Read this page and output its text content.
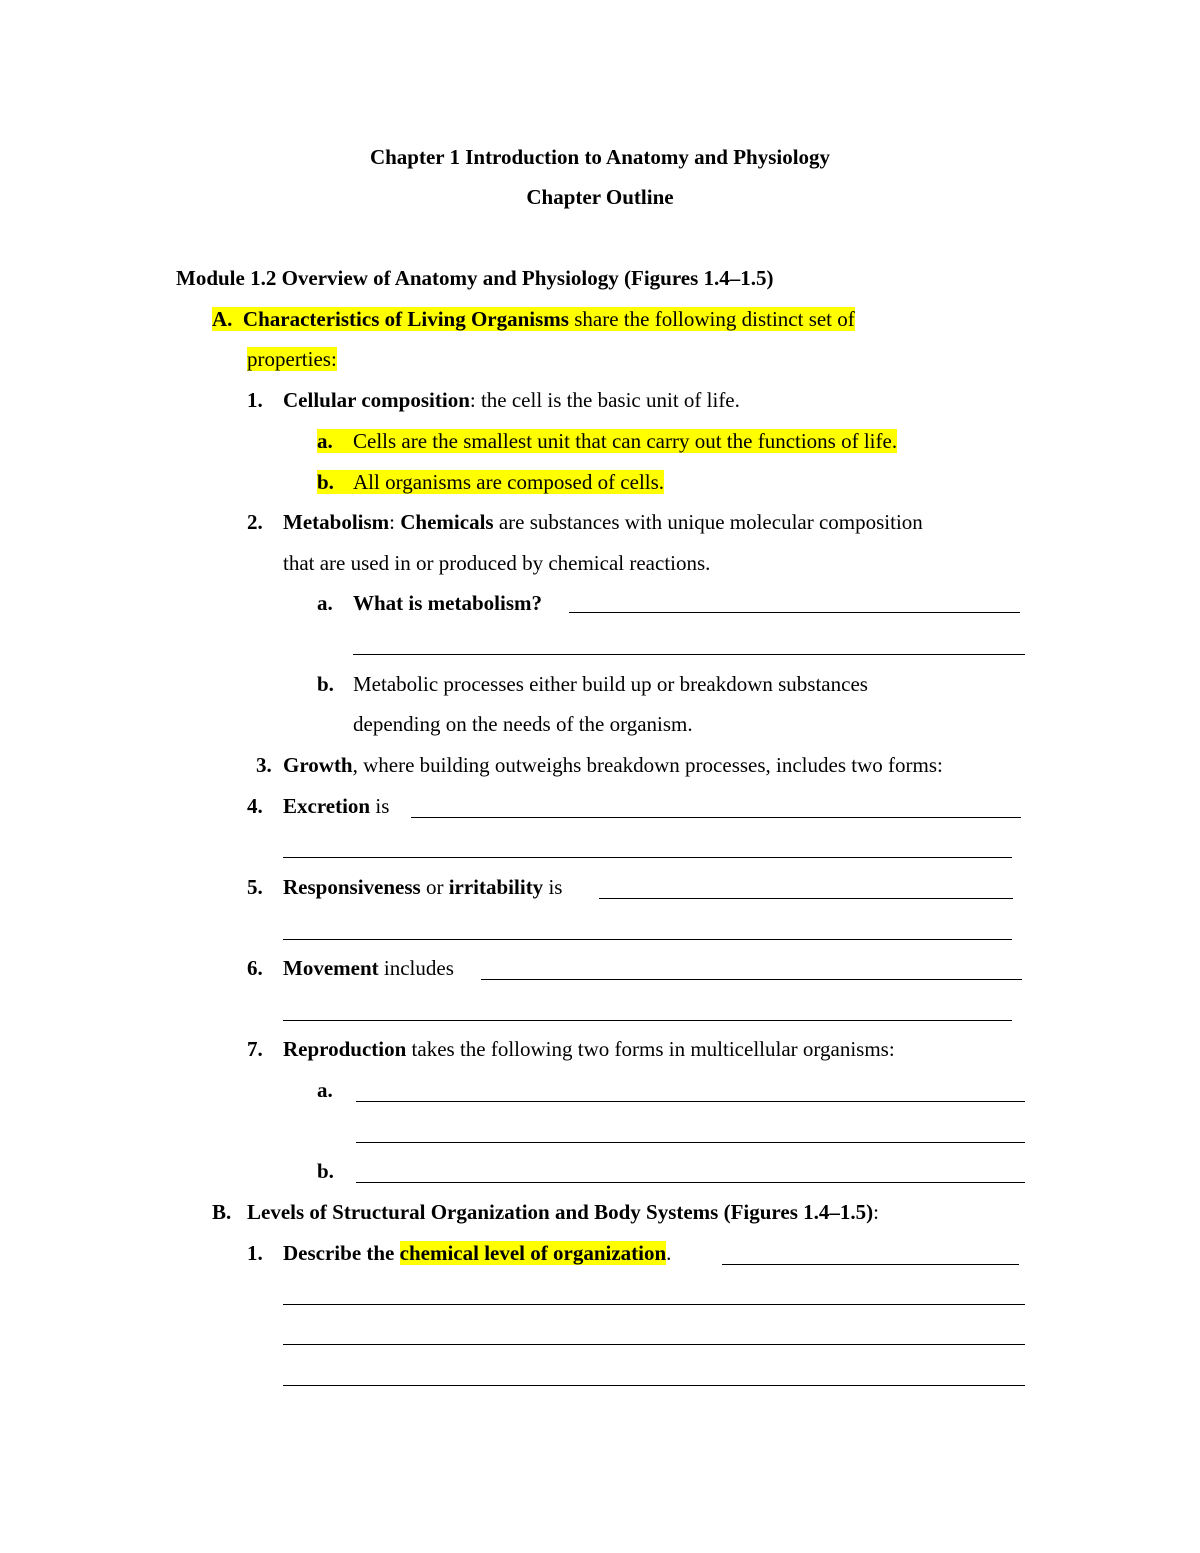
Chapter 1 Introduction to Anatomy and Physiology
Chapter Outline
Module 1.2 Overview of Anatomy and Physiology (Figures 1.4–1.5)
A. Characteristics of Living Organisms share the following distinct set of
properties:
1. Cellular composition: the cell is the basic unit of life.
a. Cells are the smallest unit that can carry out the functions of life.
b. All organisms are composed of cells.
2. Metabolism: Chemicals are substances with unique molecular composition
that are used in or produced by chemical reactions.
a. What is metabolism?
b. Metabolic processes either build up or breakdown substances
depending on the needs of the organism.
3. Growth, where building outweighs breakdown processes, includes two forms:
4. Excretion is
5. Responsiveness or irritability is
6. Movement includes
7. Reproduction takes the following two forms in multicellular organisms:
a.
b.
B. Levels of Structural Organization and Body Systems (Figures 1.4–1.5):
1. Describe the chemical level of organization.
